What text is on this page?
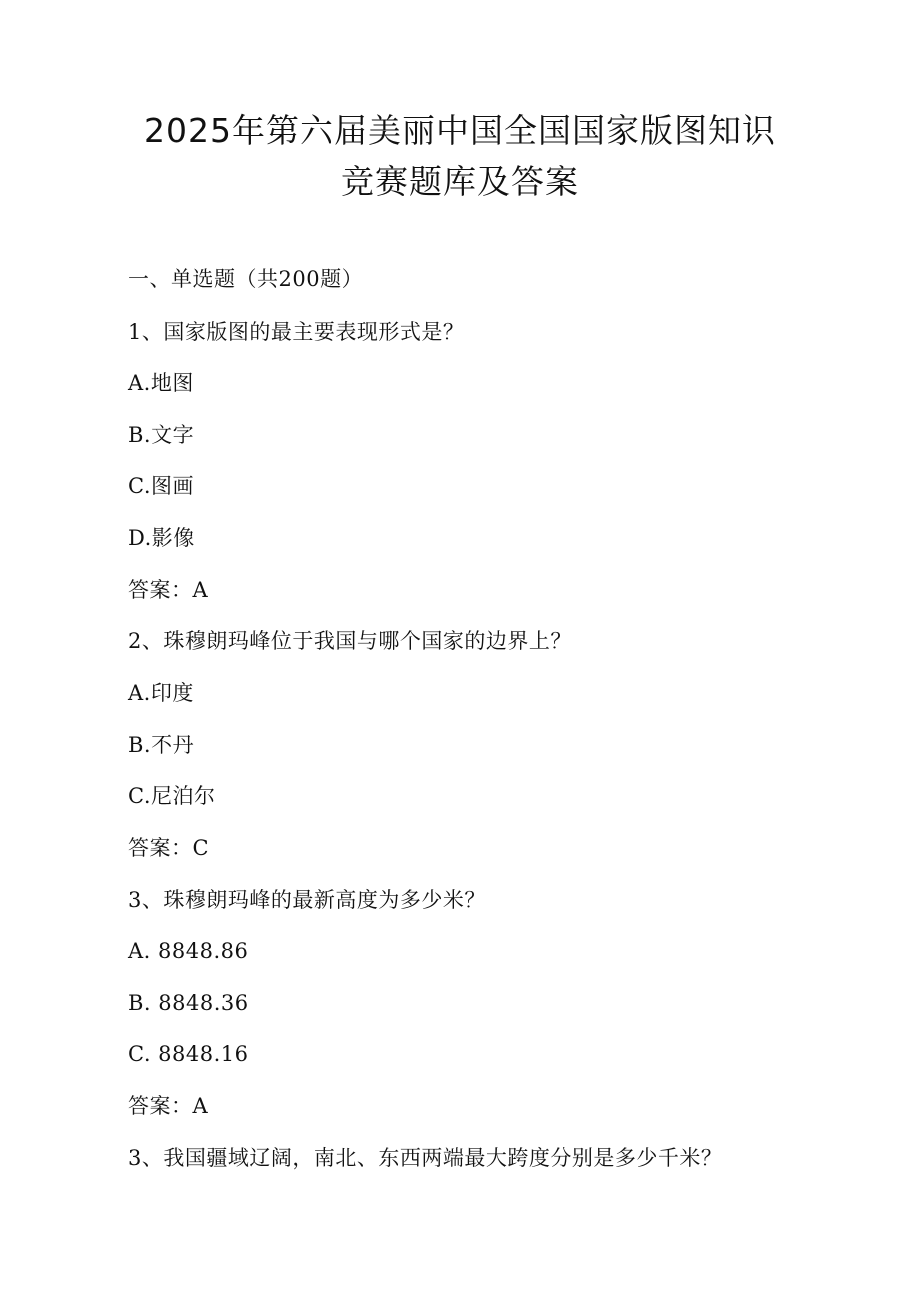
2025年第六届美丽中国全国国家版图知识
竞赛题库及答案
一、单选题（共200题）
1、国家版图的最主要表现形式是？
A.地图
B.文字
C.图画
D.影像
答案：A
2、珠穆朗玛峰位于我国与哪个国家的边界上？
A.印度
B.不丹
C.尼泊尔
答案：C
3、珠穆朗玛峰的最新高度为多少米？
A. 8848.86
B. 8848.36
C. 8848.16
答案：A
3、我国疆域辽阔，南北、东西两端最大跨度分别是多少千米？
